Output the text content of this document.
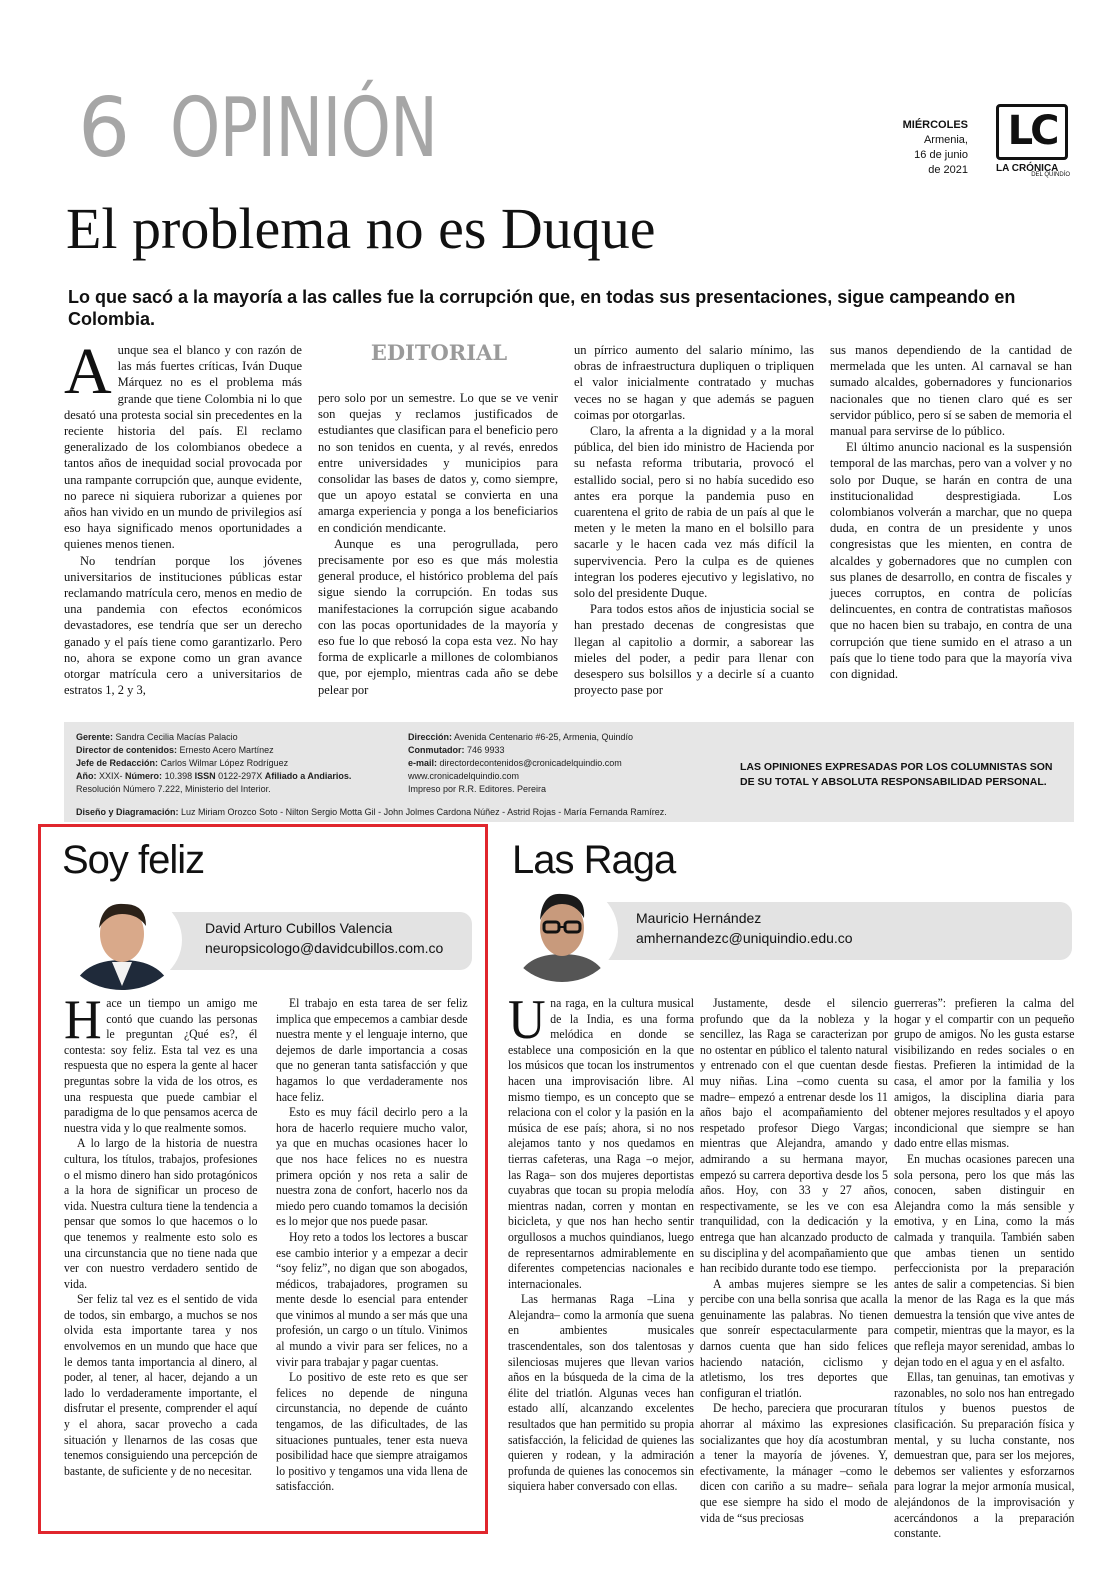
6 OPINIÓN	MIÉRCOLES
Armenia,
16 de junio
de 2021
LC
LA CRÓNICA
DEL QUINDÍO
El problema no es Duque
Lo que sacó a la mayoría a las calles fue la corrupción que, en todas sus presentaciones, sigue campeando en Colombia.
A unque sea el blanco y con razón de las más fuertes críticas, Iván Duque Márquez no es el problema más grande que tiene Colombia ni lo que desató una protesta social sin precedentes en la reciente historia del país. El reclamo generalizado de los colombianos obedece a tantos años de inequidad social provocada por una rampante corrupción que, aunque evidente, no parece ni siquiera ruborizar a quienes por años han vivido en un mundo de privilegios así eso haya significado menos oportunidades a quienes menos tienen.

No tendrían porque los jóvenes universitarios de instituciones públicas estar reclamando matrícula cero, menos en medio de una pandemia con efectos económicos devastadores, ese tendría que ser un derecho ganado y el país tiene como garantizarlo. Pero no, ahora se expone como un gran avance otorgar matrícula cero a universitarios de estratos 1, 2 y 3,

EDITORIAL

pero solo por un semestre. Lo que se ve venir son quejas y reclamos justificados de estudiantes que clasifican para el beneficio pero no son tenidos en cuenta, y al revés, enredos entre universidades y municipios para consolidar las bases de datos y, como siempre, que un apoyo estatal se convierta en una amarga experiencia y ponga a los beneficiarios en condición mendicante.

Aunque es una perogrullada, pero precisamente por eso es que más molestia general produce, el histórico problema del país sigue siendo la corrupción. En todas sus manifestaciones la corrupción sigue acabando con las pocas oportunidades de la mayoría y eso fue lo que rebosó la copa esta vez. No hay forma de explicarle a millones de colombianos que, por ejemplo, mientras cada año se debe pelear por

un pírrico aumento del salario mínimo, las obras de infraestructura dupliquen o tripliquen el valor inicialmente contratado y muchas veces no se hagan y que además se paguen coimas por otorgarlas.

Claro, la afrenta a la dignidad y a la moral pública, del bien ido ministro de Hacienda por su nefasta reforma tributaria, provocó el estallido social, pero si no había sucedido eso antes era porque la pandemia puso en cuarentena el grito de rabia de un país al que le meten y le meten la mano en el bolsillo para sacarle y le hacen cada vez más difícil la supervivencia. Pero la culpa es de quienes integran los poderes ejecutivo y legislativo, no solo del presidente Duque.

Para todos estos años de injusticia social se han prestado decenas de congresistas que llegan al capitolio a dormir, a saborear las mieles del poder, a pedir para llenar con desespero sus bolsillos y a decirle sí a cuanto proyecto pase por

sus manos dependiendo de la cantidad de mermelada que les unten. Al carnaval se han sumado alcaldes, gobernadores y funcionarios nacionales que no tienen claro qué es ser servidor público, pero sí se saben de memoria el manual para servirse de lo público.

El último anuncio nacional es la suspensión temporal de las marchas, pero van a volver y no solo por Duque, se harán en contra de una institucionalidad desprestigiada. Los colombianos volverán a marchar, que no quepa duda, en contra de un presidente y unos congresistas que les mienten, en contra de alcaldes y gobernadores que no cumplen con sus planes de desarrollo, en contra de fiscales y jueces corruptos, en contra de policías delincuentes, en contra de contratistas mañosos que no hacen bien su trabajo, en contra de una corrupción que tiene sumido en el atraso a un país que lo tiene todo para que la mayoría viva con dignidad.

Gerente: Sandra Cecilia Macías Palacio
Director de contenidos: Ernesto Acero Martínez
Jefe de Redacción: Carlos Wilmar López Rodríguez
Año: XXIX- Número: 10.398 ISSN 0122-297X Afiliado a Andiarios.
Resolución Número 7.222, Ministerio del Interior.
Diseño y Diagramación: Luz Miriam Orozco Soto - Nilton Sergio Motta Gil - John Jolmes Cardona Núñez - Astrid Rojas - María Fernanda Ramírez.
Dirección: Avenida Centenario #6-25, Armenia, Quindío
Conmutador: 746 9933
e-mail: directordecontenidos@cronicadelquindio.com
www.cronicadelquindio.com
Impreso por R.R. Editores. Pereira
LAS OPINIONES EXPRESADAS POR LOS COLUMNISTAS SON DE SU TOTAL Y ABSOLUTA RESPONSABILIDAD PERSONAL.
Soy feliz
David Arturo Cubillos Valencia
neuropsicologo@davidcubillos.com.co
H ace un tiempo un amigo me contó que cuando las personas le preguntan ¿Qué es?, él contesta: soy feliz. Esta tal vez es una respuesta que no espera la gente al hacer preguntas sobre la vida de los otros, es una respuesta que puede cambiar el paradigma de lo que pensamos acerca de nuestra vida y lo que realmente somos.

A lo largo de la historia de nuestra cultura, los títulos, trabajos, profesiones o el mismo dinero han sido protagónicos a la hora de significar un proceso de vida. Nuestra cultura tiene la tendencia a pensar que somos lo que hacemos o lo que tenemos y realmente esto solo es una circunstancia que no tiene nada que ver con nuestro verdadero sentido de vida.

Ser feliz tal vez es el sentido de vida de todos, sin embargo, a muchos se nos olvida esta importante tarea y nos envolvemos en un mundo que hace que le demos tanta importancia al dinero, al poder, al tener, al hacer, dejando a un lado lo verdaderamente importante, el disfrutar el presente, comprender el aquí y el ahora, sacar provecho a cada situación y llenarnos de las cosas que tenemos consiguiendo una percepción de bastante, de suficiente y de no necesitar.

El trabajo en esta tarea de ser feliz implica que empecemos a cambiar desde nuestra mente y el lenguaje interno, que dejemos de darle importancia a cosas que no generan tanta satisfacción y que hagamos lo que verdaderamente nos hace feliz.

Esto es muy fácil decirlo pero a la hora de hacerlo requiere mucho valor, ya que en muchas ocasiones hacer lo que nos hace felices no es nuestra primera opción y nos reta a salir de nuestra zona de confort, hacerlo nos da miedo pero cuando tomamos la decisión es lo mejor que nos puede pasar.

Hoy reto a todos los lectores a buscar ese cambio interior y a empezar a decir “soy feliz”, no digan que son abogados, médicos, trabajadores, programen su mente desde lo esencial para entender que vinimos al mundo a ser más que una profesión, un cargo o un título. Vinimos al mundo a vivir para ser felices, no a vivir para trabajar y pagar cuentas.

Lo positivo de este reto es que ser felices no depende de ninguna circunstancia, no depende de cuánto tengamos, de las dificultades, de las situaciones puntuales, tener esta nueva posibilidad hace que siempre atraigamos lo positivo y tengamos una vida llena de satisfacción.

Las Raga
Mauricio Hernández
amhernandezc@uniquindio.edu.co
U na raga, en la cultura musical de la India, es una forma melódica en donde se establece una composición en la que los músicos que tocan los instrumentos hacen una improvisación libre. Al mismo tiempo, es un concepto que se relaciona con el color y la pasión en la música de ese país; ahora, si no nos alejamos tanto y nos quedamos en tierras cafeteras, una Raga –o mejor, las Raga– son dos mujeres deportistas cuyabras que tocan su propia melodía mientras nadan, corren y montan en bicicleta, y que nos han hecho sentir orgullosos a muchos quindianos, luego de representarnos admirablemente en diferentes competencias nacionales e internacionales.

Las hermanas Raga –Lina y Alejandra– como la armonía que suena en ambientes musicales trascendentales, son dos talentosas y silenciosas mujeres que llevan varios años en la búsqueda de la cima de la élite del triatlón. Algunas veces han estado allí, alcanzando excelentes resultados que han permitido su propia satisfacción, la felicidad de quienes las quieren y rodean, y la admiración profunda de quienes las conocemos sin siquiera haber conversado con ellas.

Justamente, desde el silencio profundo que da la nobleza y la sencillez, las Raga se caracterizan por no ostentar en público el talento natural y entrenado con el que cuentan desde muy niñas. Lina –como cuenta su madre– empezó a entrenar desde los 11 años bajo el acompañamiento del respetado profesor Diego Vargas; mientras que Alejandra, amando y admirando a su hermana mayor, empezó su carrera deportiva desde los 5 años. Hoy, con 33 y 27 años, respectivamente, se les ve con esa tranquilidad, con la dedicación y la entrega que han alcanzado producto de su disciplina y del acompañamiento que han recibido durante todo ese tiempo.

A ambas mujeres siempre se les percibe con una bella sonrisa que acalla genuinamente las palabras. No tienen que sonreír espectacularmente para darnos cuenta que han sido felices haciendo natación, ciclismo y atletismo, los tres deportes que configuran el triatlón.

De hecho, pareciera que procuraran ahorrar al máximo las expresiones socializantes que hoy día acostumbran a tener la mayoría de jóvenes. Y, efectivamente, la mánager –como le dicen con cariño a su madre– señala que ese siempre ha sido el modo de vida de “sus preciosas

guerreras”: prefieren la calma del hogar y el compartir con un pequeño grupo de amigos. No les gusta estarse visibilizando en redes sociales o en fiestas. Prefieren la intimidad de la casa, el amor por la familia y los amigos, la disciplina diaria para obtener mejores resultados y el apoyo incondicional que siempre se han dado entre ellas mismas.

En muchas ocasiones parecen una sola persona, pero los que más las conocen, saben distinguir en Alejandra como la más sensible y emotiva, y en Lina, como la más calmada y tranquila. También saben que ambas tienen un sentido perfeccionista por la preparación antes de salir a competencias. Si bien la menor de las Raga es la que más demuestra la tensión que vive antes de competir, mientras que la mayor, es la que refleja mayor serenidad, ambas lo dejan todo en el agua y en el asfalto.

Ellas, tan genuinas, tan emotivas y razonables, no solo nos han entregado títulos y buenos puestos de clasificación. Su preparación física y mental, y su lucha constante, nos demuestran que, para ser los mejores, debemos ser valientes y esforzarnos para lograr la mejor armonía musical, alejándonos de la improvisación y acercándonos a la preparación constante.
